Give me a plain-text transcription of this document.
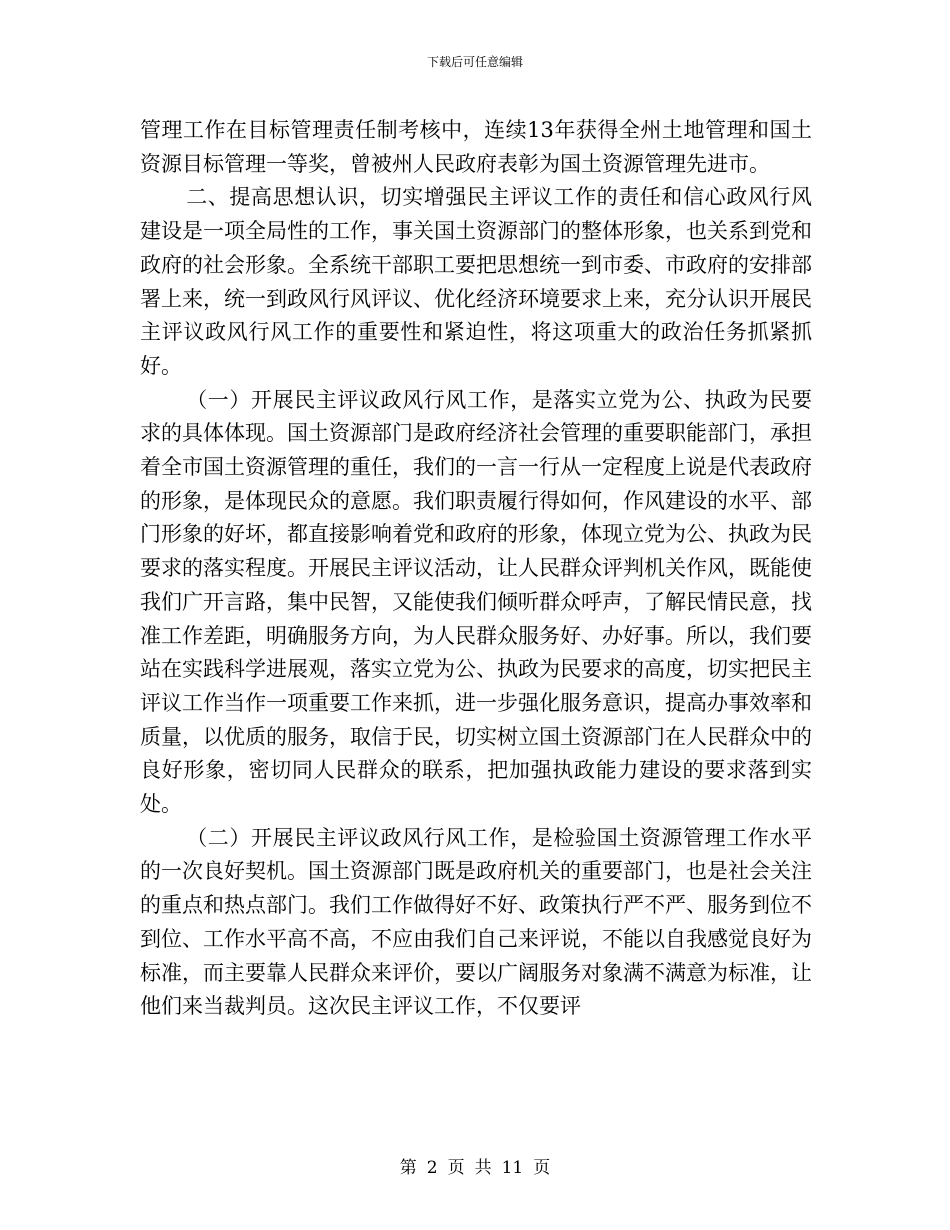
下载后可任意编辑

管理工作在目标管理责任制考核中，连续13年获得全州土地管理和国土资源目标管理一等奖，曾被州人民政府表彰为国土资源管理先进市。

二、提高思想认识，切实增强民主评议工作的责任和信心政风行风建设是一项全局性的工作，事关国土资源部门的整体形象，也关系到党和政府的社会形象。全系统干部职工要把思想统一到市委、市政府的安排部署上来，统一到政风行风评议、优化经济环境要求上来，充分认识开展民主评议政风行风工作的重要性和紧迫性，将这项重大的政治任务抓紧抓好。

（一）开展民主评议政风行风工作，是落实立党为公、执政为民要求的具体体现。国土资源部门是政府经济社会管理的重要职能部门，承担着全市国土资源管理的重任，我们的一言一行从一定程度上说是代表政府的形象，是体现民众的意愿。我们职责履行得如何，作风建设的水平、部门形象的好坏，都直接影响着党和政府的形象，体现立党为公、执政为民要求的落实程度。开展民主评议活动，让人民群众评判机关作风，既能使我们广开言路，集中民智，又能使我们倾听群众呼声，了解民情民意，找准工作差距，明确服务方向，为人民群众服务好、办好事。所以，我们要站在实践科学进展观，落实立党为公、执政为民要求的高度，切实把民主评议工作当作一项重要工作来抓，进一步强化服务意识，提高办事效率和质量，以优质的服务，取信于民，切实树立国土资源部门在人民群众中的良好形象，密切同人民群众的联系，把加强执政能力建设的要求落到实处。

（二）开展民主评议政风行风工作，是检验国土资源管理工作水平的一次良好契机。国土资源部门既是政府机关的重要部门，也是社会关注的重点和热点部门。我们工作做得好不好、政策执行严不严、服务到位不到位、工作水平高不高，不应由我们自己来评说，不能以自我感觉良好为标准，而主要靠人民群众来评价，要以广阔服务对象满不满意为标准，让他们来当裁判员。这次民主评议工作，不仅要评

第 2 页 共 11 页
